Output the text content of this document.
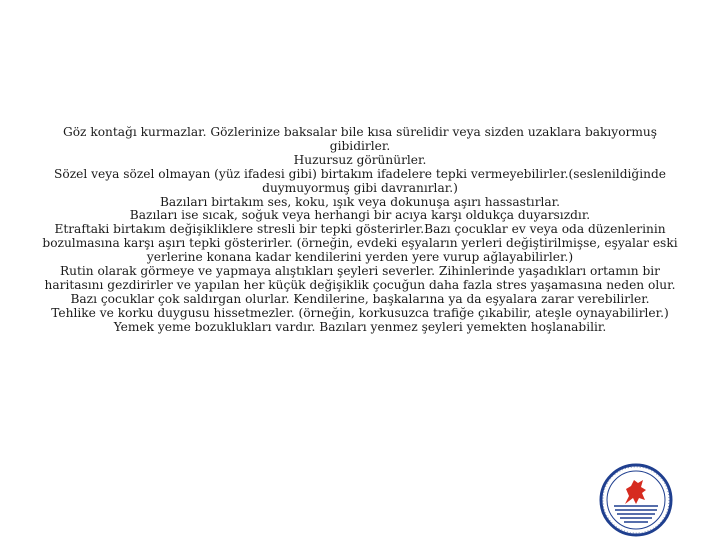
Göz kontağı kurmazlar. Gözlerinize baksalar bile kısa sürelidir veya sizden uzaklara bakıyormuş gibidirler.

Huzursuz görünürler.

Sözel veya sözel olmayan (yüz ifadesi gibi) birtakım ifadelere tepki vermeyebilirler.(seslenildiğinde duymuyormuş gibi davranırlar.)

Bazıları birtakım ses, koku, ışık veya dokunuşa aşırı hassastırlar.

Bazıları ise sıcak, soğuk veya herhangi bir acıya karşı oldukça duyarsızdır.

Etraftaki birtakım değişikliklere stresli bir tepki gösterirler.Bazı çocuklar ev veya oda düzenlerinin bozulmasına karşı aşırı tepki gösterirler. (örneğin, evdeki eşyaların yerleri değiştirilmişse, eşyalar eski yerlerine konana kadar kendilerini yerden yere vurup ağlayabilirler.)

Rutin olarak görmeye ve yapmaya alıştıkları şeyleri severler. Zihinlerinde yaşadıkları ortamın bir haritasını gezdirirler ve yapılan her küçük değişiklik çocuğun daha fazla stres yaşamasına neden olur.

Bazı çocuklar çok saldırgan olurlar. Kendilerine, başkalarına ya da eşyalara zarar verebilirler.

Tehlike ve korku duygusu hissetmezler. (örneğin, korkusuzca trafiğe çıkabilir, ateşle oynayabilirler.)

Yemek yeme bozuklukları vardır. Bazıları yenmez şeyleri yemekten hoşlanabilir.
